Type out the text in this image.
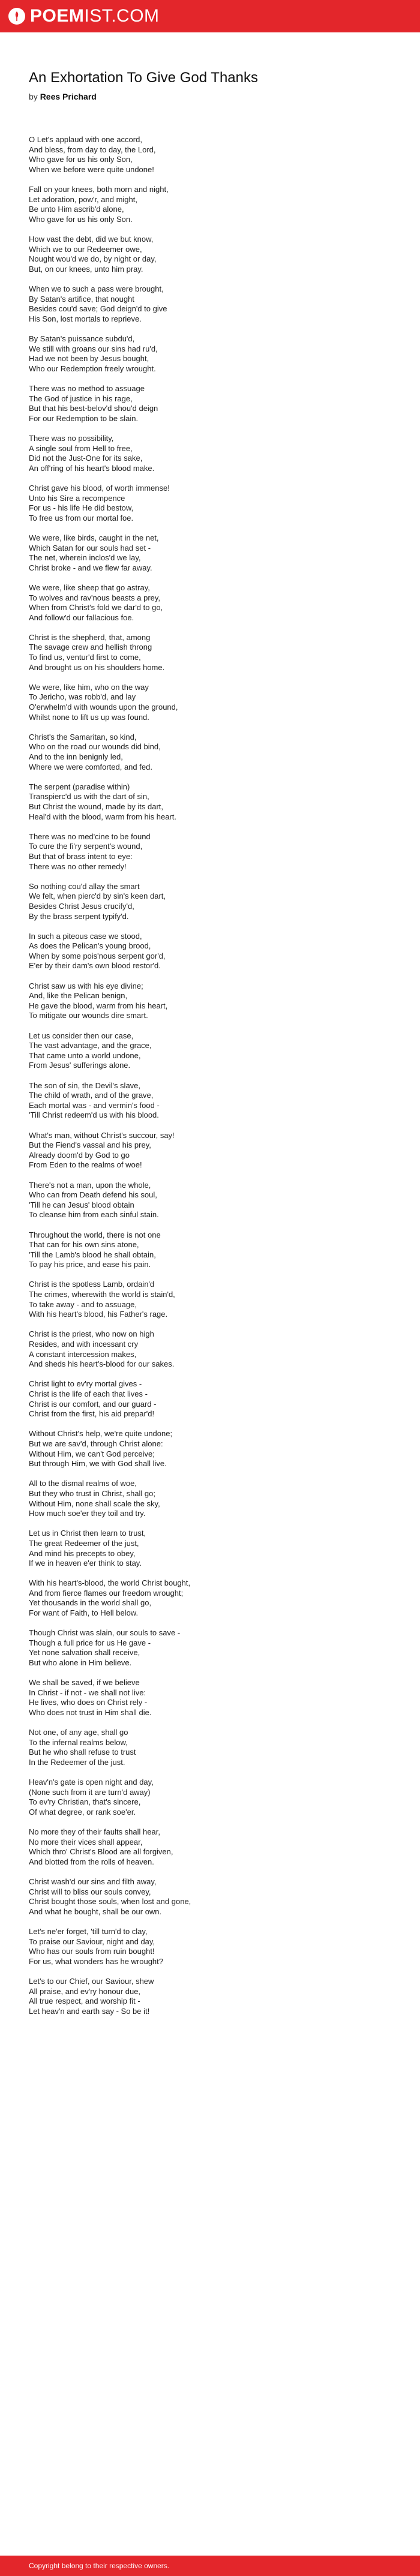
POEMIST.COM
An Exhortation To Give God Thanks
by Rees Prichard
O Let's applaud with one accord,
And bless, from day to day, the Lord,
Who gave for us his only Son,
When we before were quite undone!
Fall on your knees, both morn and night,
Let adoration, pow'r, and might,
Be unto Him ascrib'd alone,
Who gave for us his only Son.
How vast the debt, did we but know,
Which we to our Redeemer owe,
Nought wou'd we do, by night or day,
But, on our knees, unto him pray.
When we to such a pass were brought,
By Satan's artifice, that nought
Besides cou'd save; God deign'd to give
His Son, lost mortals to reprieve.
By Satan's puissance subdu'd,
We still with groans our sins had ru'd,
Had we not been by Jesus bought,
Who our Redemption freely wrought.
There was no method to assuage
The God of justice in his rage,
But that his best-belov'd shou'd deign
For our Redemption to be slain.
There was no possibility,
A single soul from Hell to free,
Did not the Just-One for its sake,
An off'ring of his heart's blood make.
Christ gave his blood, of worth immense!
Unto his Sire a recompence
For us - his life He did bestow,
To free us from our mortal foe.
We were, like birds, caught in the net,
Which Satan for our souls had set -
The net, wherein inclos'd we lay,
Christ broke - and we flew far away.
We were, like sheep that go astray,
To wolves and rav'nous beasts a prey,
When from Christ's fold we dar'd to go,
And follow'd our fallacious foe.
Christ is the shepherd, that, among
The savage crew and hellish throng
To find us, ventur'd first to come,
And brought us on his shoulders home.
We were, like him, who on the way
To Jericho, was robb'd, and lay
O'erwhelm'd with wounds upon the ground,
Whilst none to lift us up was found.
Christ's the Samaritan, so kind,
Who on the road our wounds did bind,
And to the inn benignly led,
Where we were comforted, and fed.
The serpent (paradise within)
Transpierc'd us with the dart of sin,
But Christ the wound, made by its dart,
Heal'd with the blood, warm from his heart.
There was no med'cine to be found
To cure the fi'ry serpent's wound,
But that of brass intent to eye:
There was no other remedy!
So nothing cou'd allay the smart
We felt, when pierc'd by sin's keen dart,
Besides Christ Jesus crucify'd,
By the brass serpent typify'd.
In such a piteous case we stood,
As does the Pelican's young brood,
When by some pois'nous serpent gor'd,
E'er by their dam's own blood restor'd.
Christ saw us with his eye divine;
And, like the Pelican benign,
He gave the blood, warm from his heart,
To mitigate our wounds dire smart.
Let us consider then our case,
The vast advantage, and the grace,
That came unto a world undone,
From Jesus' sufferings alone.
The son of sin, the Devil's slave,
The child of wrath, and of the grave,
Each mortal was - and vermin's food -
'Till Christ redeem'd us with his blood.
What's man, without Christ's succour, say!
But the Fiend's vassal and his prey,
Already doom'd by God to go
From Eden to the realms of woe!
There's not a man, upon the whole,
Who can from Death defend his soul,
'Till he can Jesus' blood obtain
To cleanse him from each sinful stain.
Throughout the world, there is not one
That can for his own sins atone,
'Till the Lamb's blood he shall obtain,
To pay his price, and ease his pain.
Christ is the spotless Lamb, ordain'd
The crimes, wherewith the world is stain'd,
To take away - and to assuage,
With his heart's blood, his Father's rage.
Christ is the priest, who now on high
Resides, and with incessant cry
A constant intercession makes,
And sheds his heart's-blood for our sakes.
Christ light to ev'ry mortal gives -
Christ is the life of each that lives -
Christ is our comfort, and our guard -
Christ from the first, his aid prepar'd!
Without Christ's help, we're quite undone;
But we are sav'd, through Christ alone:
Without Him, we can't God perceive;
But through Him, we with God shall live.
All to the dismal realms of woe,
But they who trust in Christ, shall go;
Without Him, none shall scale the sky,
How much soe'er they toil and try.
Let us in Christ then learn to trust,
The great Redeemer of the just,
And mind his precepts to obey,
If we in heaven e'er think to stay.
With his heart's-blood, the world Christ bought,
And from fierce flames our freedom wrought;
Yet thousands in the world shall go,
For want of Faith, to Hell below.
Though Christ was slain, our souls to save -
Though a full price for us He gave -
Yet none salvation shall receive,
But who alone in Him believe.
We shall be saved, if we believe
In Christ - if not - we shall not live:
He lives, who does on Christ rely -
Who does not trust in Him shall die.
Not one, of any age, shall go
To the infernal realms below,
But he who shall refuse to trust
In the Redeemer of the just.
Heav'n's gate is open night and day,
(None such from it are turn'd away)
To ev'ry Christian, that's sincere,
Of what degree, or rank soe'er.
No more they of their faults shall hear,
No more their vices shall appear,
Which thro' Christ's Blood are all forgiven,
And blotted from the rolls of heaven.
Christ wash'd our sins and filth away,
Christ will to bliss our souls convey,
Christ bought those souls, when lost and gone,
And what he bought, shall be our own.
Let's ne'er forget, 'till turn'd to clay,
To praise our Saviour, night and day,
Who has our souls from ruin bought!
For us, what wonders has he wrought?
Let's to our Chief, our Saviour, shew
All praise, and ev'ry honour due,
All true respect, and worship fit -
Let heav'n and earth say - So be it!
Copyright belong to their respective owners.
